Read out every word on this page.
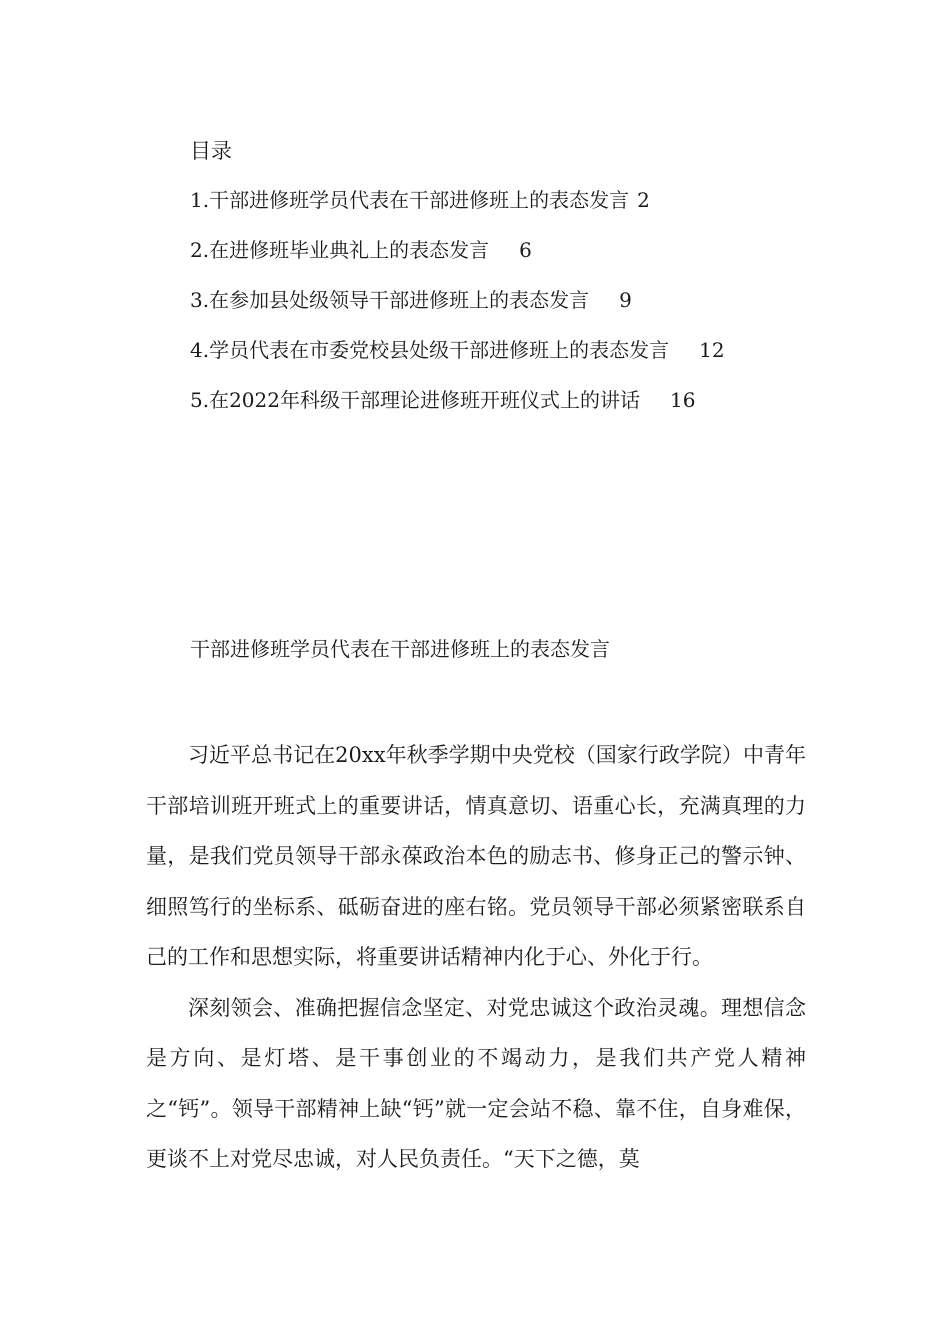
目录
1.干部进修班学员代表在干部进修班上的表态发言 2
2.在进修班毕业典礼上的表态发言 6
3.在参加县处级领导干部进修班上的表态发言 9
4.学员代表在市委党校县处级干部进修班上的表态发言 12
5.在2022年科级干部理论进修班开班仪式上的讲话 16
干部进修班学员代表在干部进修班上的表态发言

习近平总书记在20xx年秋季学期中央党校（国家行政学院）中青年干部培训班开班式上的重要讲话，情真意切、语重心长，充满真理的力量，是我们党员领导干部永葆政治本色的励志书、修身正己的警示钟、细照笃行的坐标系、砥砺奋进的座右铭。党员领导干部必须紧密联系自己的工作和思想实际，将重要讲话精神内化于心、外化于行。

深刻领会、准确把握信念坚定、对党忠诚这个政治灵魂。理想信念是方向、是灯塔、是干事创业的不竭动力，是我们共产党人精神之“钙”。领导干部精神上缺“钙”就一定会站不稳、靠不住，自身难保，更谈不上对党尽忠诚，对人民负责任。“天下之德，莫
